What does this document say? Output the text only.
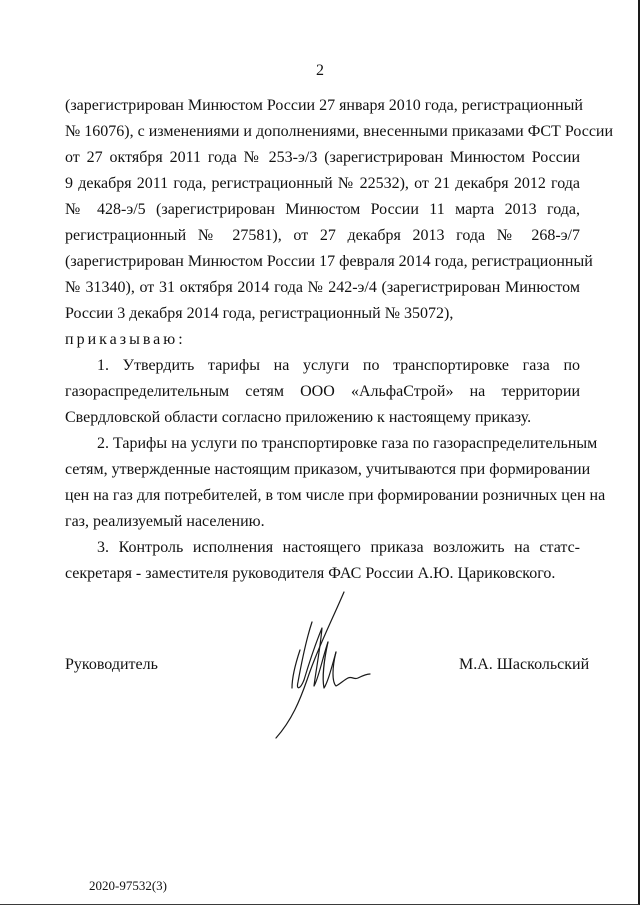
2
(зарегистрирован Минюстом России 27 января 2010 года, регистрационный
№ 16076), с изменениями и дополнениями, внесенными приказами ФСТ России
от 27 октября 2011 года № 253-э/3 (зарегистрирован Минюстом России
9 декабря 2011 года, регистрационный № 22532), от 21 декабря 2012 года
№ 428-э/5 (зарегистрирован Минюстом России 11 марта 2013 года,
регистрационный № 27581), от 27 декабря 2013 года № 268-э/7
(зарегистрирован Минюстом России 17 февраля 2014 года, регистрационный
№ 31340), от 31 октября 2014 года № 242-э/4 (зарегистрирован Минюстом
России 3 декабря 2014 года, регистрационный № 35072),
приказываю:
1. Утвердить тарифы на услуги по транспортировке газа по
газораспределительным сетям ООО «АльфаСтрой» на территории
Свердловской области согласно приложению к настоящему приказу.
2. Тарифы на услуги по транспортировке газа по газораспределительным
сетям, утвержденные настоящим приказом, учитываются при формировании
цен на газ для потребителей, в том числе при формировании розничных цен на
газ, реализуемый населению.
3. Контроль исполнения настоящего приказа возложить на статс-
секретаря - заместителя руководителя ФАС России А.Ю. Цариковского.
Руководитель	М.А. Шаскольский
2020-97532(3)
